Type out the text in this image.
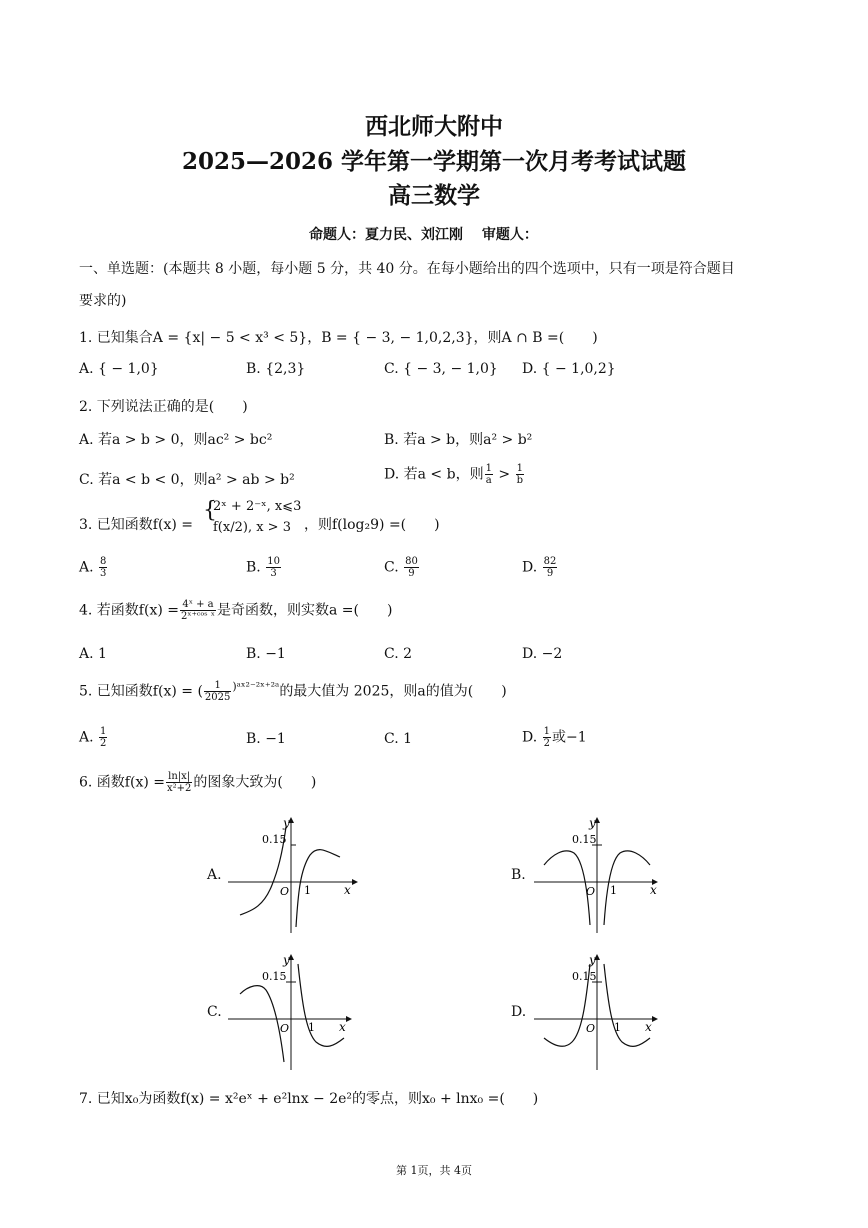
西北师大附中
2025—2026 学年第一学期第一次月考考试试题
高三数学
命题人：夏力民、刘江刚　 审题人：
一、单选题：(本题共 8 小题，每小题 5 分，共 40 分。在每小题给出的四个选项中，只有一项是符合题目
要求的)
1. 已知集合A = {x| − 5 < x³ < 5}，B = { − 3, − 1,0,2,3}，则A ∩ B =(　　)
A. { − 1,0}	B. {2,3}	C. { − 3, − 1,0} D. { − 1,0,2}
2. 下列说法正确的是(　　)
A. 若a > b > 0，则ac² > bc²	B. 若a > b，则a² > b²
C. 若a < b < 0，则a² > ab > b²	D. 若a < b，则 $\frac{1}{a} > \frac{1}{b}$
3. 已知函数f(x) =
{
2ˣ + 2⁻ˣ, x⩽3
f(x/2), x > 3 ，则f(log₂9) =(　　)
A. $\frac{8}{3}$	B. $\frac{10}{3}$	C. $\frac{80}{9}$	D. $\frac{82}{9}$
4. 若函数$f(x) = \frac{\text{4ˣ + a}}{\text{2ˣ⁺ᶜᵒˢ ˣ}}$ 是奇函数，则实数a =(　　)
A. 1	B. −1	C. 2	D. −2
5. 已知函数f(x) = ( $\frac{1}{2025} ^{)ᵃˣ^{2-2}ˣ^{+2}ᵃ}$的最大值为 2025，则a的值为(　　)
A. $\frac{1}{2}$	B. −1	C. 1	D. $\frac{1}{2}$ 或−1
6. 函数$f(x) = \frac{\ln|x|}{\text{x²+2}}$ 的图象大致为(　　)
A.
0.15
y
O 1	x
B.
0.15
y
O 1	x
C.
0.15
y
O 1 x
D.
0.15
y
O 1 x
7. 已知x₀为函数f(x) = x²eˣ + e²lnx − 2e²的零点，则x₀ + lnx₀ =(　　)
第 1页，共 4页
